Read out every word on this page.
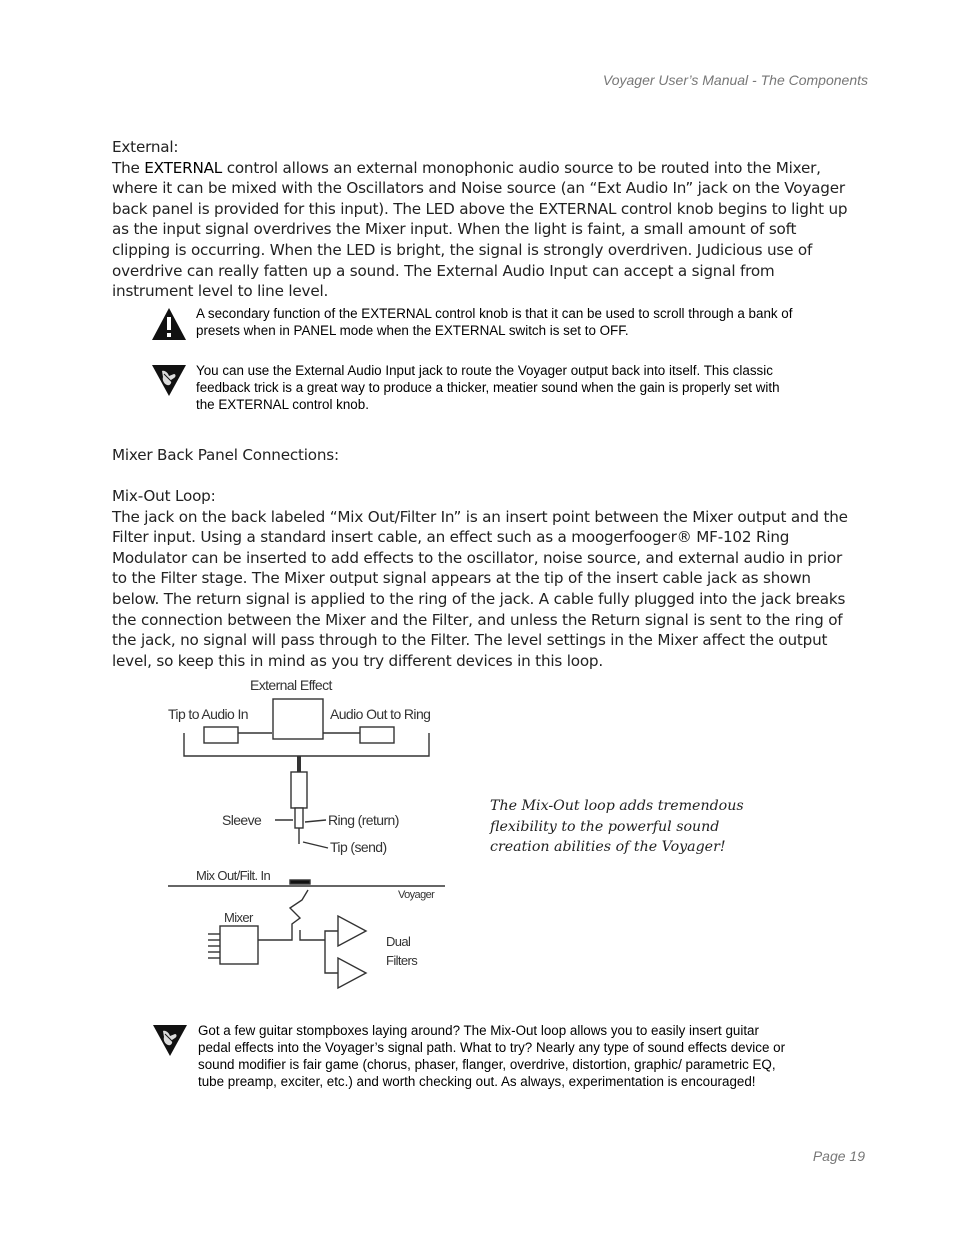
Voyager User’s Manual - The Components

External:

The EXTERNAL control allows an external monophonic audio source to be routed into the Mixer, where it can be mixed with the Oscillators and Noise source (an “Ext Audio In” jack on the Voyager back panel is provided for this input). The LED above the EXTERNAL control knob begins to light up as the input signal overdrives the Mixer input. When the light is faint, a small amount of soft clipping is occurring. When the LED is bright, the signal is strongly overdriven. Judicious use of overdrive can really fatten up a sound. The External Audio Input can accept a signal from instrument level to line level.

A secondary function of the EXTERNAL control knob is that it can be used to scroll through a bank of presets when in PANEL mode when the EXTERNAL switch is set to OFF.
You can use the External Audio Input jack to route the Voyager output back into itself. This classic feedback trick is a great way to produce a thicker, meatier sound when the gain is properly set with the EXTERNAL control knob.
Mixer Back Panel Connections:

Mix-Out Loop:

The jack on the back labeled “Mix Out/Filter In” is an insert point between the Mixer output and the Filter input. Using a standard insert cable, an effect such as a moogerfooger® MF-102 Ring Modulator can be inserted to add effects to the oscillator, noise source, and external audio in prior to the Filter stage. The Mixer output signal appears at the tip of the insert cable jack as shown below. The return signal is applied to the ring of the jack. A cable fully plugged into the jack breaks the connection between the Mixer and the Filter, and unless the Return signal is sent to the ring of the jack, no signal will pass through to the Filter. The level settings in the Mixer affect the output level, so keep this in mind as you try different devices in this loop.

External Effect
Tip to Audio In	Audio Out to Ring
Sleeve	Ring (return)
Tip (send)
Mix Out/Filt. In
Voyager
Mixer
Dual
Filters
The Mix-Out loop adds tremendous
flexibility to the powerful sound
creation abilities of the Voyager!
Got a few guitar stompboxes laying around? The Mix-Out loop allows you to easily insert guitar pedal effects into the Voyager’s signal path. What to try? Nearly any type of sound effects device or sound modifier is fair game (chorus, phaser, flanger, overdrive, distortion, graphic/ parametric EQ, tube preamp, exciter, etc.) and worth checking out. As always, experimentation is encouraged!
Page 19
